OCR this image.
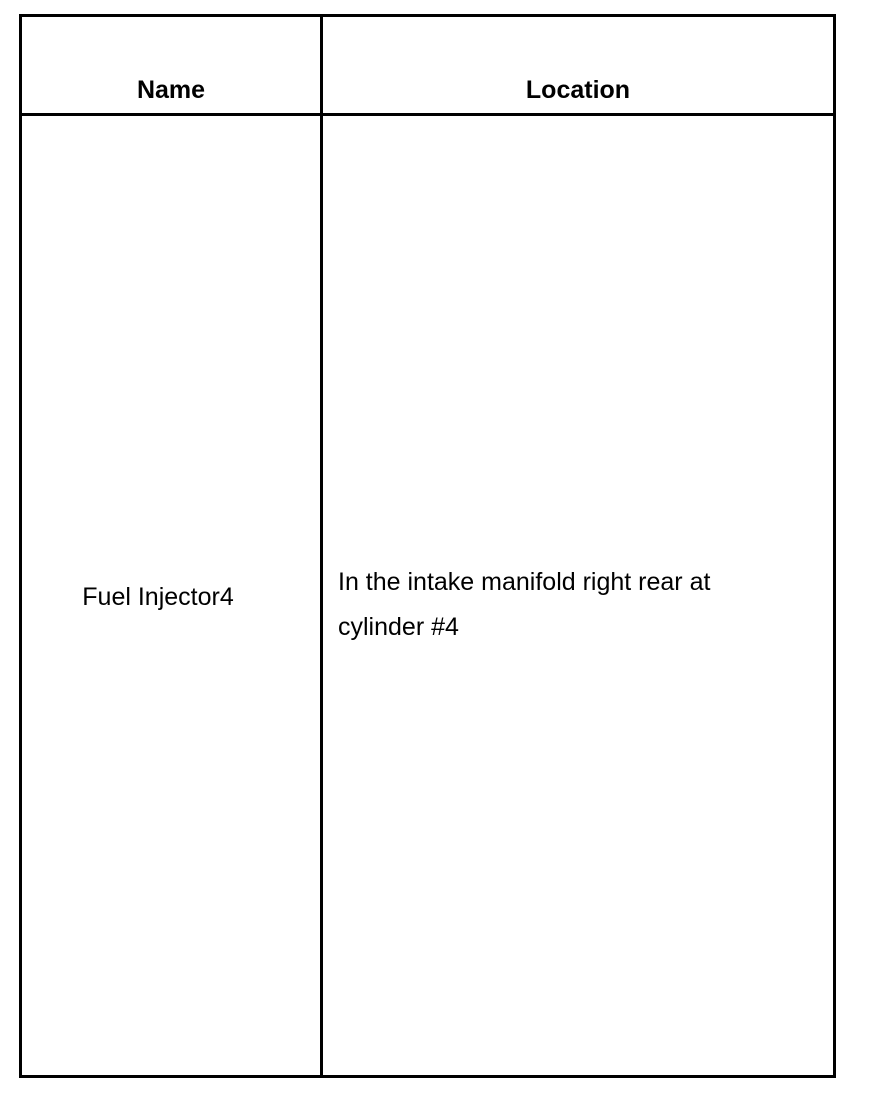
Name	Location
Fuel Injector4
In the intake manifold right rear at cylinder #4
